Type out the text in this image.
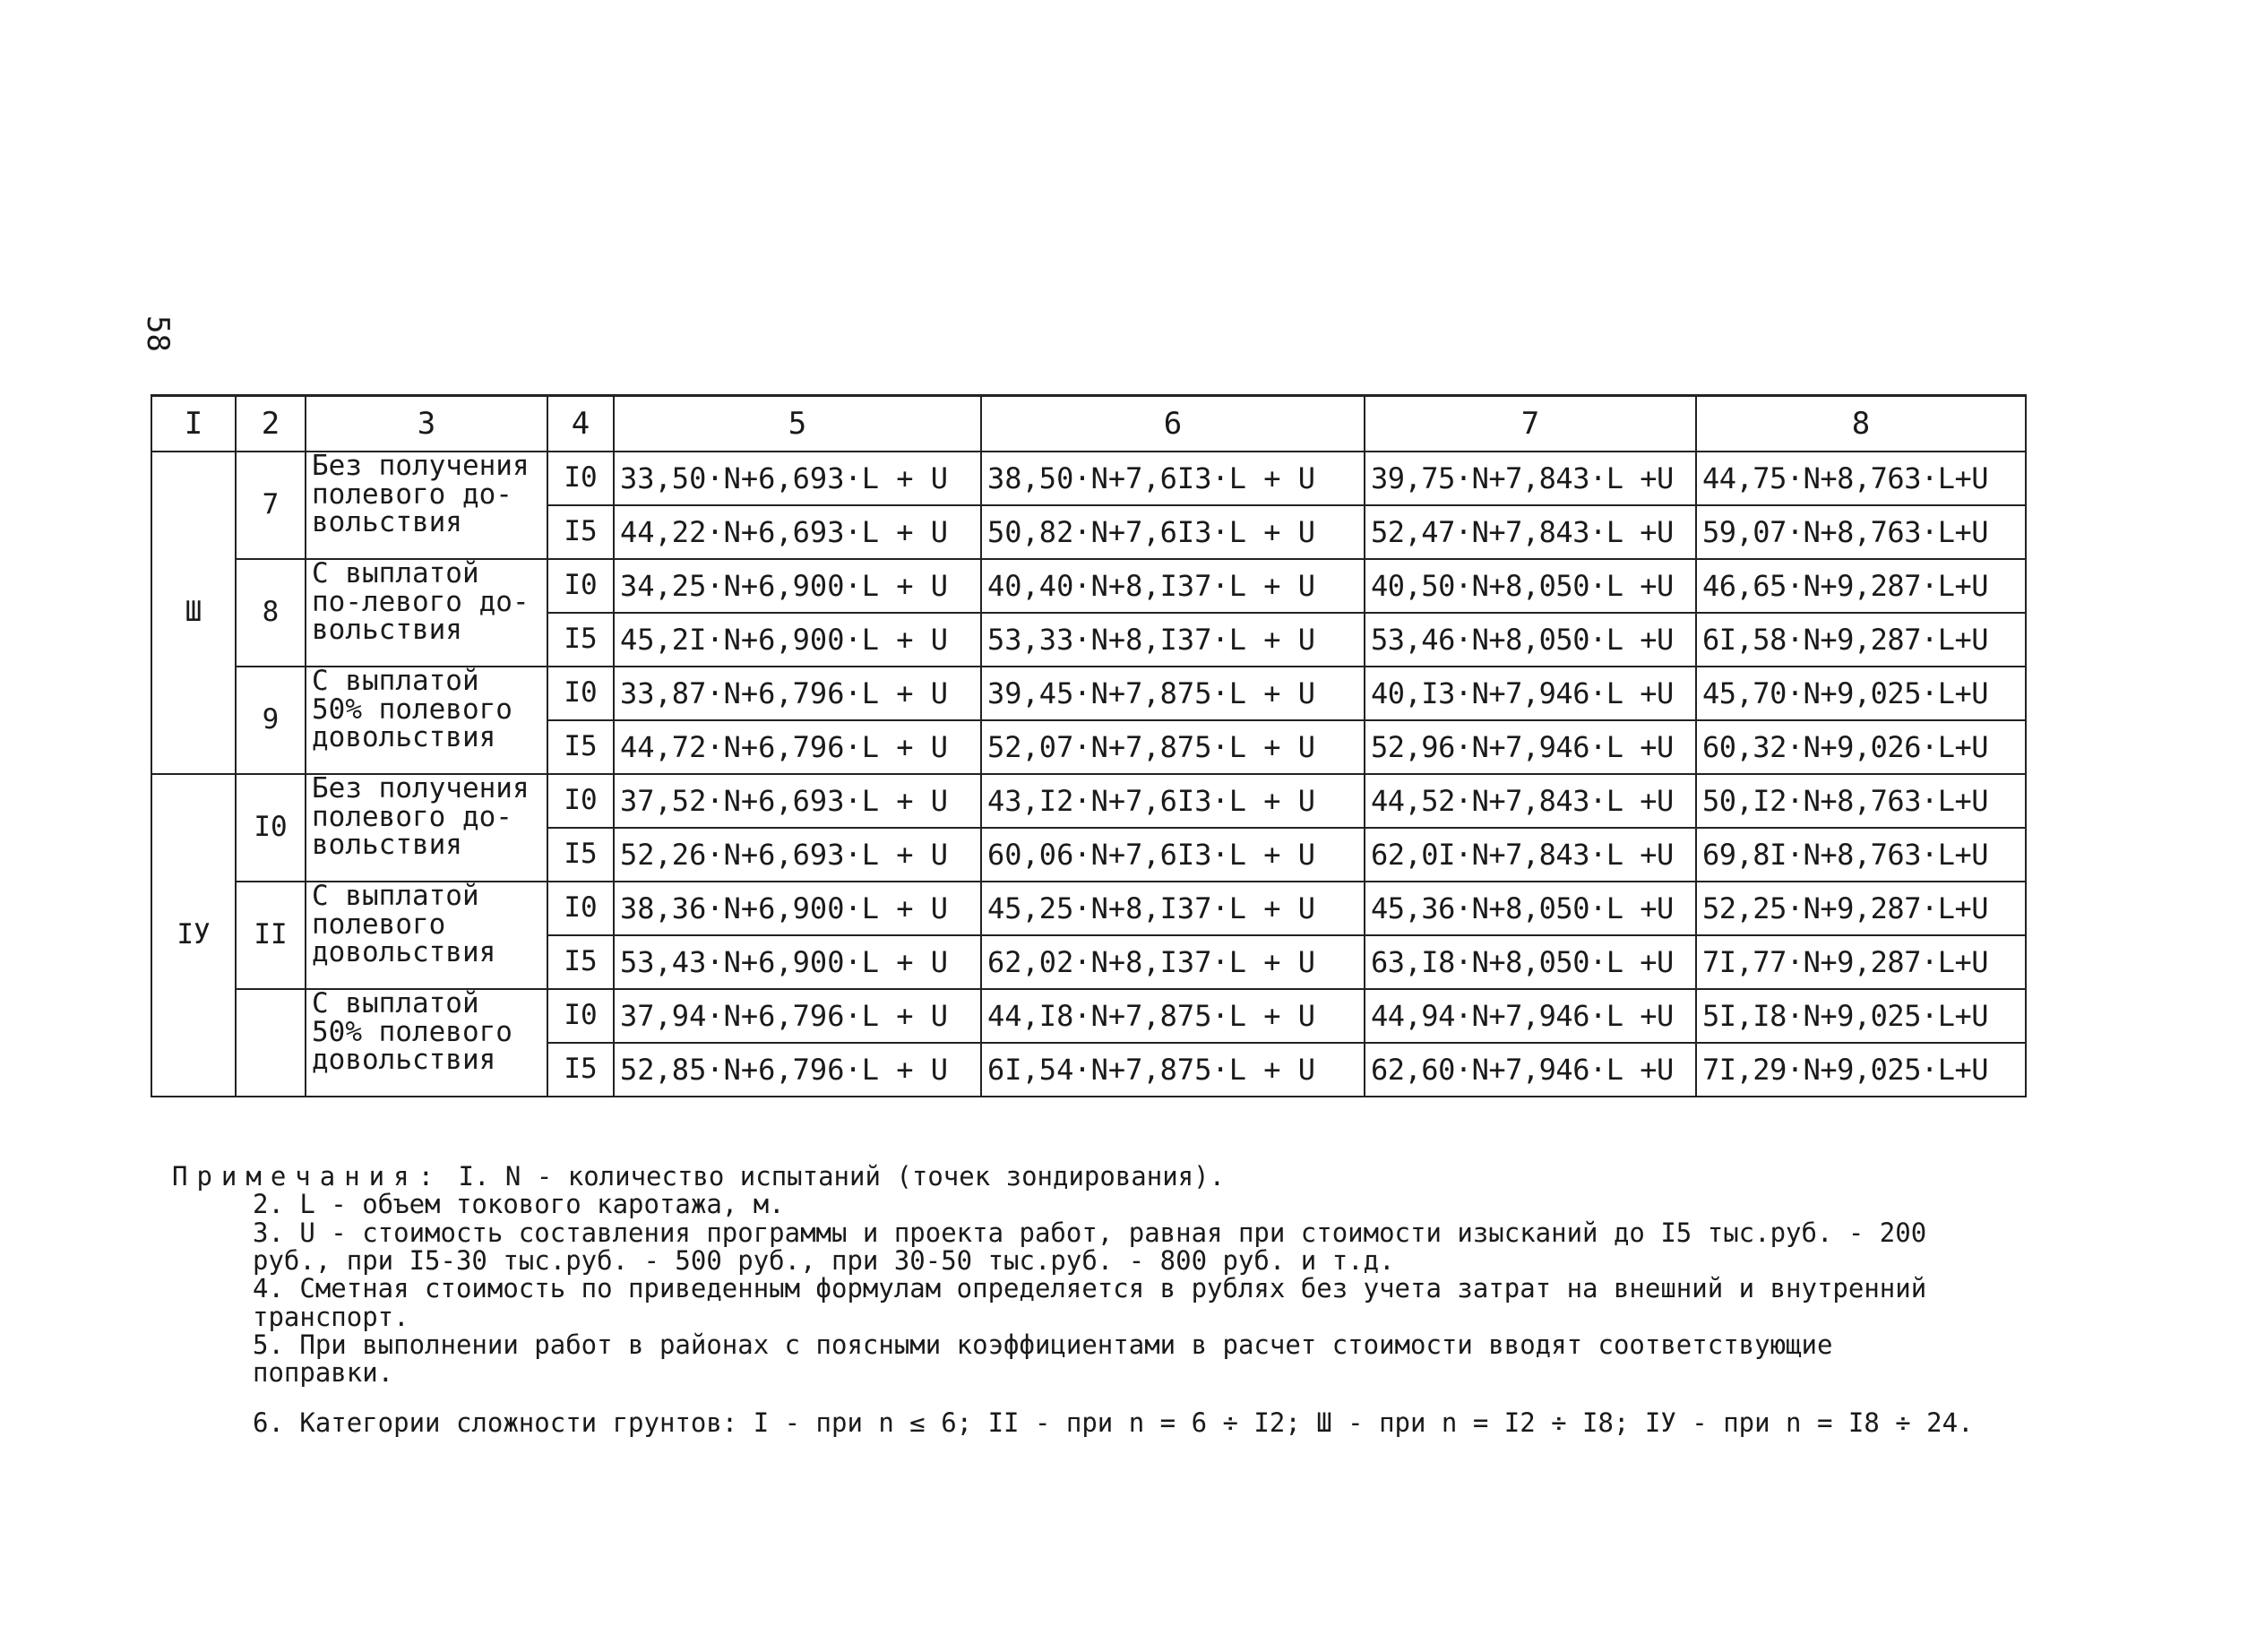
58
I	2	3	4	5	6	7	8
Ш	7	Без получения полевого до-вольствия	I0	33,50·N+6,693·L + U	38,50·N+7,6I3·L + U	39,75·N+7,843·L +U	44,75·N+8,763·L+U
			I5	44,22·N+6,693·L + U	50,82·N+7,6I3·L + U	52,47·N+7,843·L +U	59,07·N+8,763·L+U
	8	С выплатой по-левого до-вольствия	I0	34,25·N+6,900·L + U	40,40·N+8,I37·L + U	40,50·N+8,050·L +U	46,65·N+9,287·L+U
			I5	45,2I·N+6,900·L + U	53,33·N+8,I37·L + U	53,46·N+8,050·L +U	6I,58·N+9,287·L+U
	9	С выплатой 50% полевого довольствия	I0	33,87·N+6,796·L + U	39,45·N+7,875·L + U	40,I3·N+7,946·L +U	45,70·N+9,025·L+U
			I5	44,72·N+6,796·L + U	52,07·N+7,875·L + U	52,96·N+7,946·L +U	60,32·N+9,026·L+U
IУ	I0	Без получения полевого до-вольствия	I0	37,52·N+6,693·L + U	43,I2·N+7,6I3·L + U	44,52·N+7,843·L +U	50,I2·N+8,763·L+U
			I5	52,26·N+6,693·L + U	60,06·N+7,6I3·L + U	62,0I·N+7,843·L +U	69,8I·N+8,763·L+U
	II	С выплатой полевого довольствия	I0	38,36·N+6,900·L + U	45,25·N+8,I37·L + U	45,36·N+8,050·L +U	52,25·N+9,287·L+U
			I5	53,43·N+6,900·L + U	62,02·N+8,I37·L + U	63,I8·N+8,050·L +U	7I,77·N+9,287·L+U
		С выплатой 50% полевого довольствия	I0	37,94·N+6,796·L + U	44,I8·N+7,875·L + U	44,94·N+7,946·L +U	5I,I8·N+9,025·L+U
			I5	52,85·N+6,796·L + U	6I,54·N+7,875·L + U	62,60·N+7,946·L +U	7I,29·N+9,025·L+U

Примечания: I. N - количество испытаний (точек зондирования).

2. L - объем токового каротажа, м.

3. U - стоимость составления программы и проекта работ, равная при стоимости изысканий до I5 тыс.руб. - 200 руб., при I5-30 тыс.руб. - 500 руб., при 30-50 тыс.руб. - 800 руб. и т.д.

4. Сметная стоимость по приведенным формулам определяется в рублях без учета затрат на внешний и внутренний транспорт.

5. При выполнении работ в районах с поясными коэффициентами в расчет стоимости вводят соответствующие поправки.

6. Категории сложности грунтов: I - при n ≤ 6; II - при n = 6 ÷ I2; Ш - при n = I2 ÷ I8; IУ - при n = I8 ÷ 24.
